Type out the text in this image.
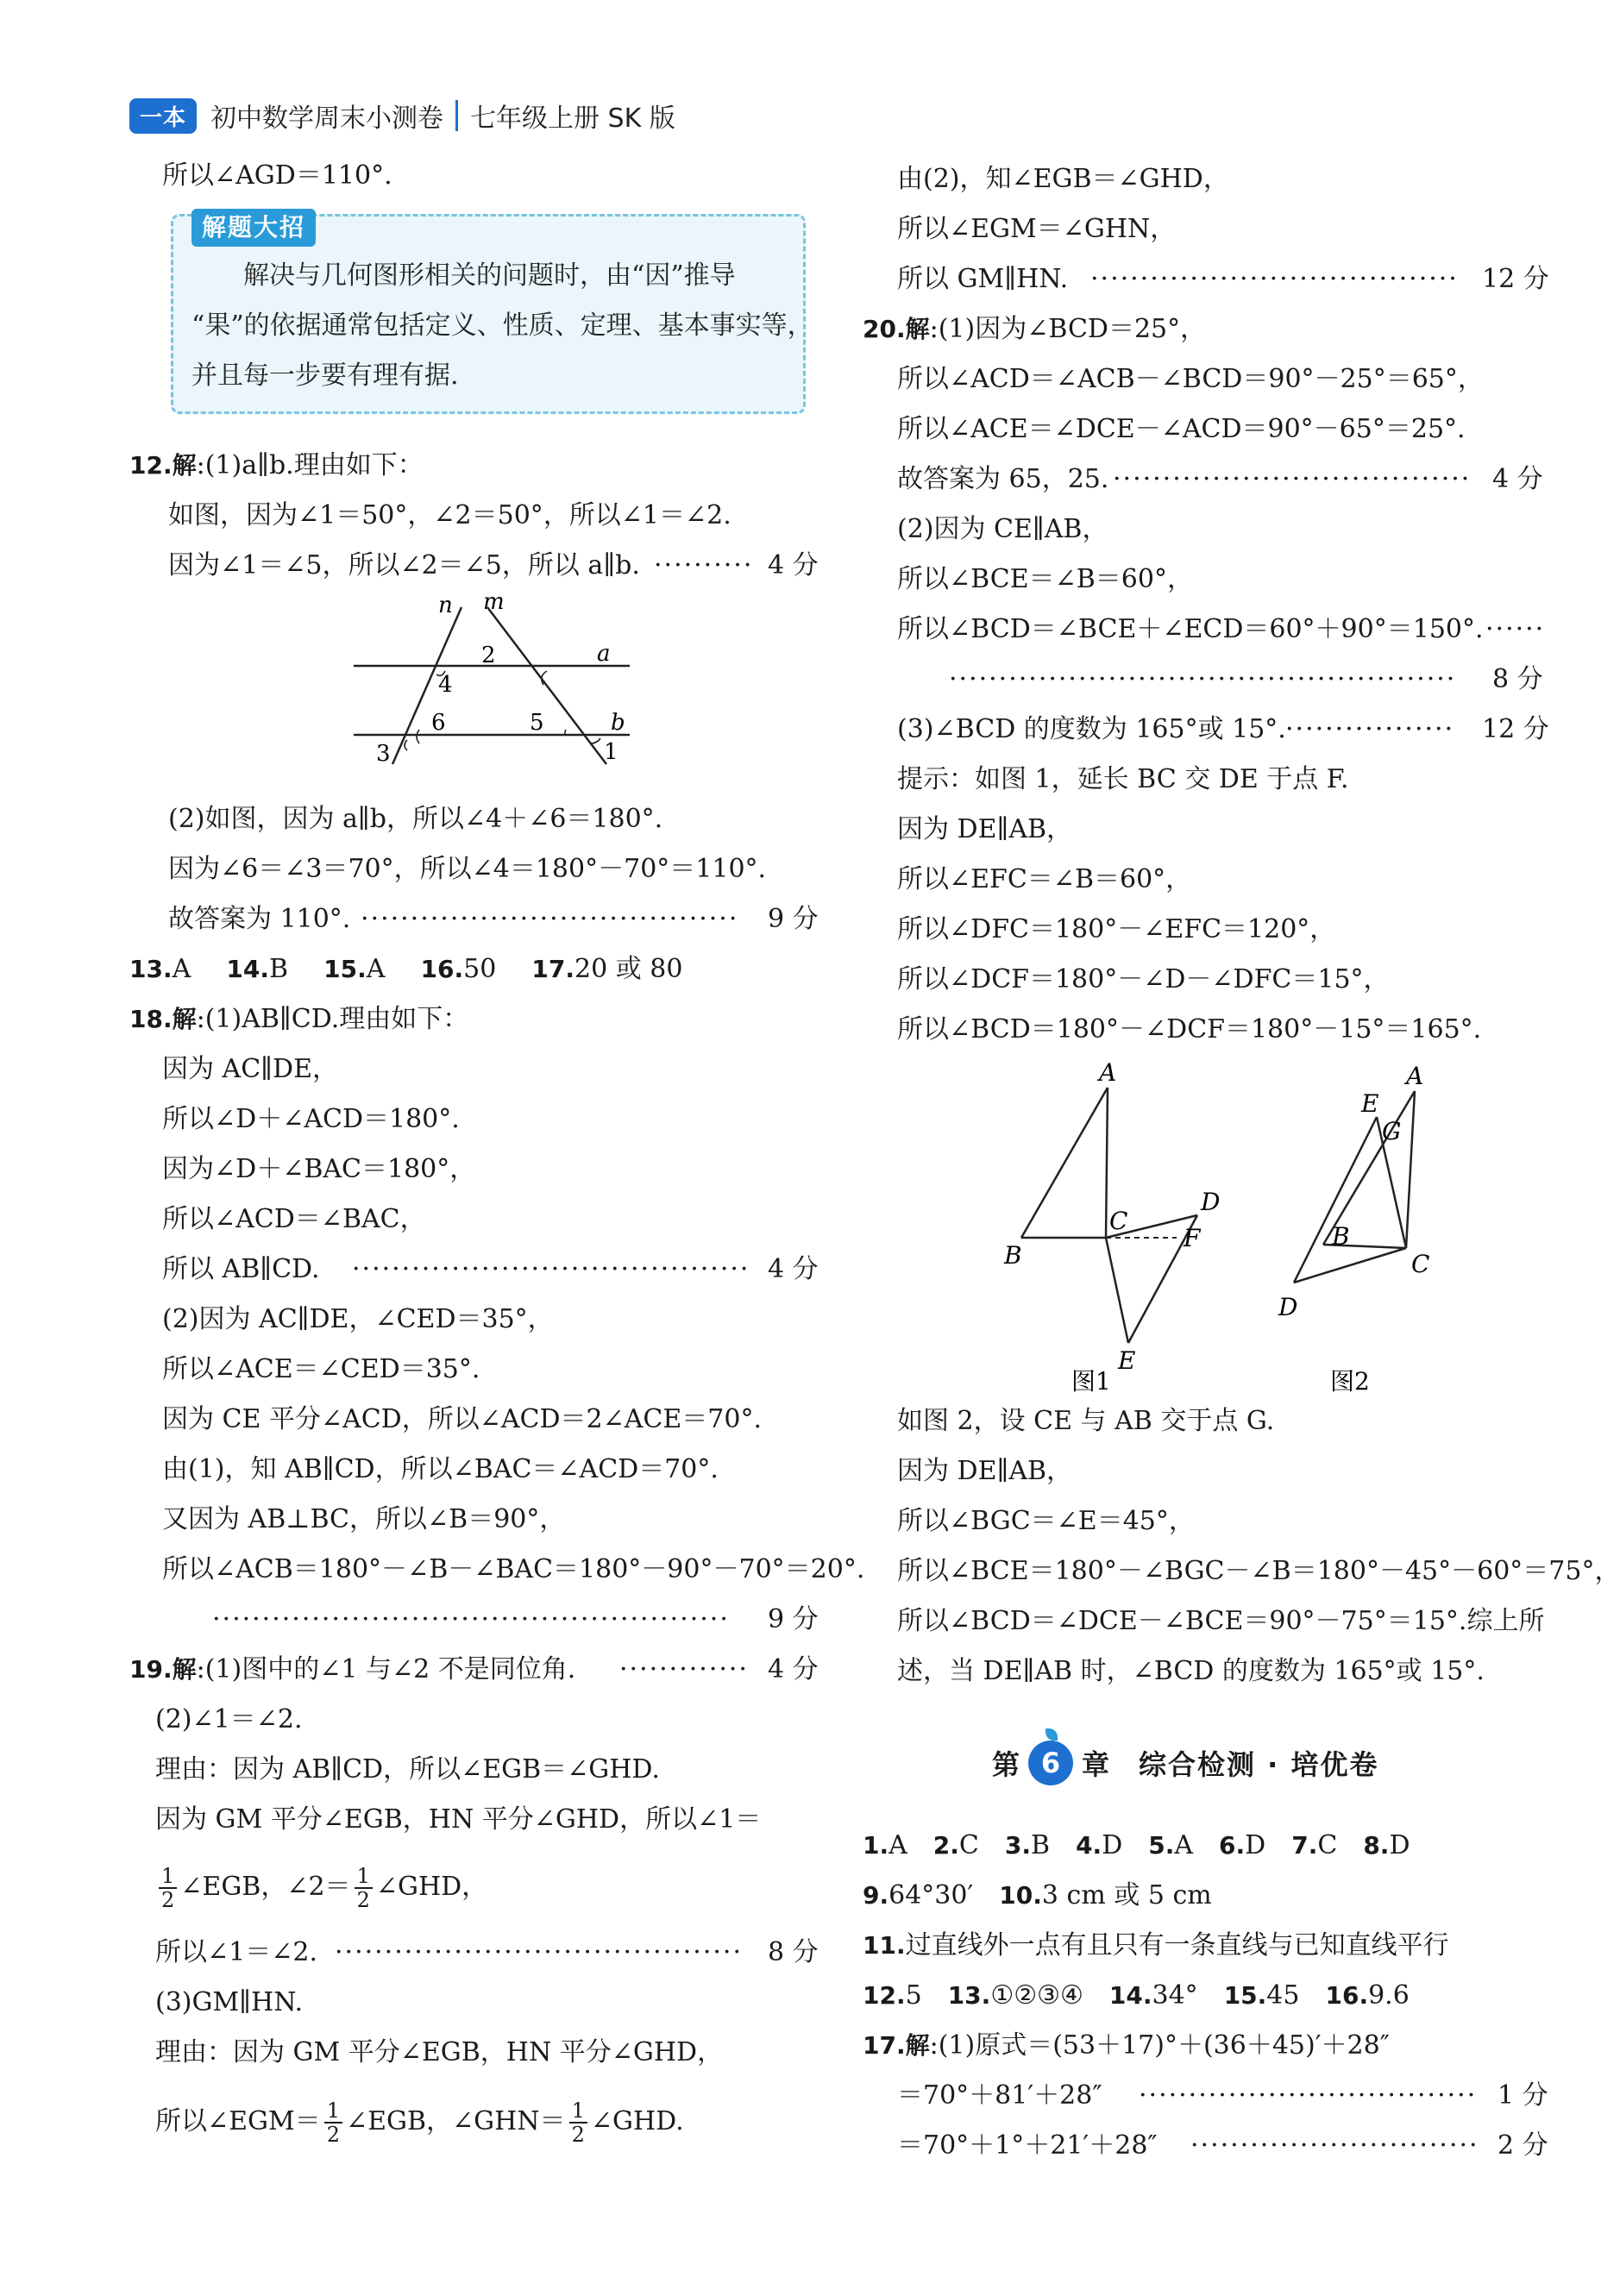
一本 初中数学周末小测卷 七年级上册 SK 版
所以∠AGD＝110°.
解题大招
解决与几何图形相关的问题时，由“因”推导
“果”的依据通常包括定义、性质、定理、基本事实等，
并且每一步要有理有据.
12.解:(1)a∥b.理由如下：
如图，因为∠1＝50°，∠2＝50°，所以∠1＝∠2.
因为∠1＝∠5，所以∠2＝∠5，所以 a∥b. ·········· 4 分
n m
a
b
1
2
3
4
5
6
(2)如图，因为 a∥b，所以∠4＋∠6＝180°.
因为∠6＝∠3＝70°，所以∠4＝180°－70°＝110°.
故答案为 110°. ······································	9 分
13.A 14.B 15.A 16.50 17.20 或 80
18.解:(1)AB∥CD.理由如下：
因为 AC∥DE，
所以∠D＋∠ACD＝180°.
因为∠D＋∠BAC＝180°，
所以∠ACD＝∠BAC，
所以 AB∥CD. ········································ 4 分
(2)因为 AC∥DE，∠CED＝35°，
所以∠ACE＝∠CED＝35°.
因为 CE 平分∠ACD，所以∠ACD＝2∠ACE＝70°.
由(1)，知 AB∥CD，所以∠BAC＝∠ACD＝70°.
又因为 AB⊥BC，所以∠B＝90°，
所以∠ACB＝180°－∠B－∠BAC＝180°－90°－70°＝20°.
····················································	9 分
19.解:(1)图中的∠1 与∠2 不是同位角. ············· 4 分
(2)∠1＝∠2.
理由：因为 AB∥CD，所以∠EGB＝∠GHD.
因为 GM 平分∠EGB，HN 平分∠GHD，所以∠1＝
$\frac{1}{2}$ ∠EGB，∠2＝ $\frac{1}{2}$ ∠GHD，
所以∠1＝∠2. ········································· 8 分
(3)GM∥HN.
理由：因为 GM 平分∠EGB，HN 平分∠GHD，
所以∠EGM＝ $\frac{1}{2}$ ∠EGB，∠GHN＝ $\frac{1}{2}$ ∠GHD.
由(2)，知∠EGB＝∠GHD，
所以∠EGM＝∠GHN，
所以 GM∥HN. ····································· 12 分
20.解:(1)因为∠BCD＝25°，
所以∠ACD＝∠ACB－∠BCD＝90°－25°＝65°，
所以∠ACE＝∠DCE－∠ACD＝90°－65°＝25°.
故答案为 65，25. ···································· 4 分
(2)因为 CE∥AB，
所以∠BCE＝∠B＝60°，
所以∠BCD＝∠BCE＋∠ECD＝60°＋90°＝150°. ······
···················································	8 分
(3)∠BCD 的度数为 165°或 15°. ·················	12 分
提示：如图 1，延长 BC 交 DE 于点 F.
因为 DE∥AB，
所以∠EFC＝∠B＝60°，
所以∠DFC＝180°－∠EFC＝120°，
所以∠DCF＝180°－∠D－∠DFC＝15°，
所以∠BCD＝180°－∠DCF＝180°－15°＝165°.
A
B
C
D
E
F
图1
A
B
C
D
E
G
图2
如图 2，设 CE 与 AB 交于点 G.
因为 DE∥AB，
所以∠BGC＝∠E＝45°，
所以∠BCE＝180°－∠BGC－∠B＝180°－45°－60°＝75°，
所以∠BCD＝∠DCE－∠BCE＝90°－75°＝15°.综上所
述，当 DE∥AB 时，∠BCD 的度数为 165°或 15°.
第 6 章 综合检测 · 培优卷
1.A 2.C 3.B 4.D 5.A 6.D 7.C 8.D
9.64°30′ 10.3 cm 或 5 cm
11.过直线外一点有且只有一条直线与已知直线平行
12.5 13.①②③④ 14.34° 15.45 16.9.6
17.解:(1)原式＝(53＋17)°＋(36＋45)′＋28″
＝70°＋81′＋28″ ·································· 1 分
＝70°＋1°＋21′＋28″ ····························· 2 分
